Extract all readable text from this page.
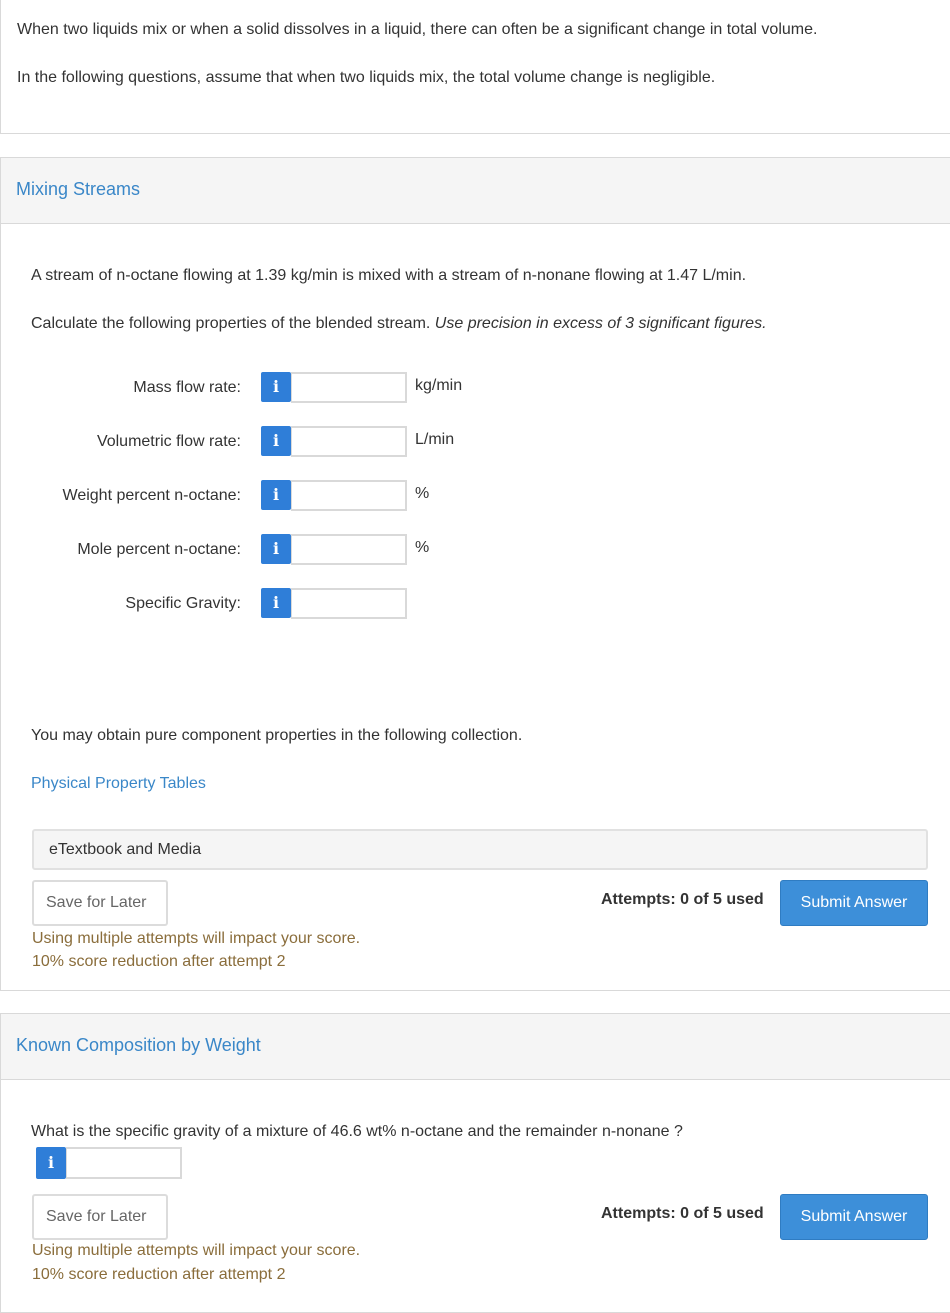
When two liquids mix or when a solid dissolves in a liquid, there can often be a significant change in total volume.

In the following questions, assume that when two liquids mix, the total volume change is negligible.

Mixing Streams

A stream of n-octane flowing at 1.39 kg/min is mixed with a stream of n-nonane flowing at 1.47 L/min.

Calculate the following properties of the blended stream. Use precision in excess of 3 significant figures.

Mass flow rate:	i	kg/min
Volumetric flow rate:	i	L/min
Weight percent n-octane:	i	%
Mole percent n-octane:	i	%
Specific Gravity:	i

You may obtain pure component properties in the following collection.

Physical Property Tables
eTextbook and Media
Save for Later	Attempts: 0 of 5 used	Submit Answer
Using multiple attempts will impact your score.
10% score reduction after attempt 2
Known Composition by Weight

What is the specific gravity of a mixture of 46.6 wt% n-octane and the remainder n-nonane ?

i
Save for Later	Attempts: 0 of 5 used	Submit Answer
Using multiple attempts will impact your score.
10% score reduction after attempt 2
